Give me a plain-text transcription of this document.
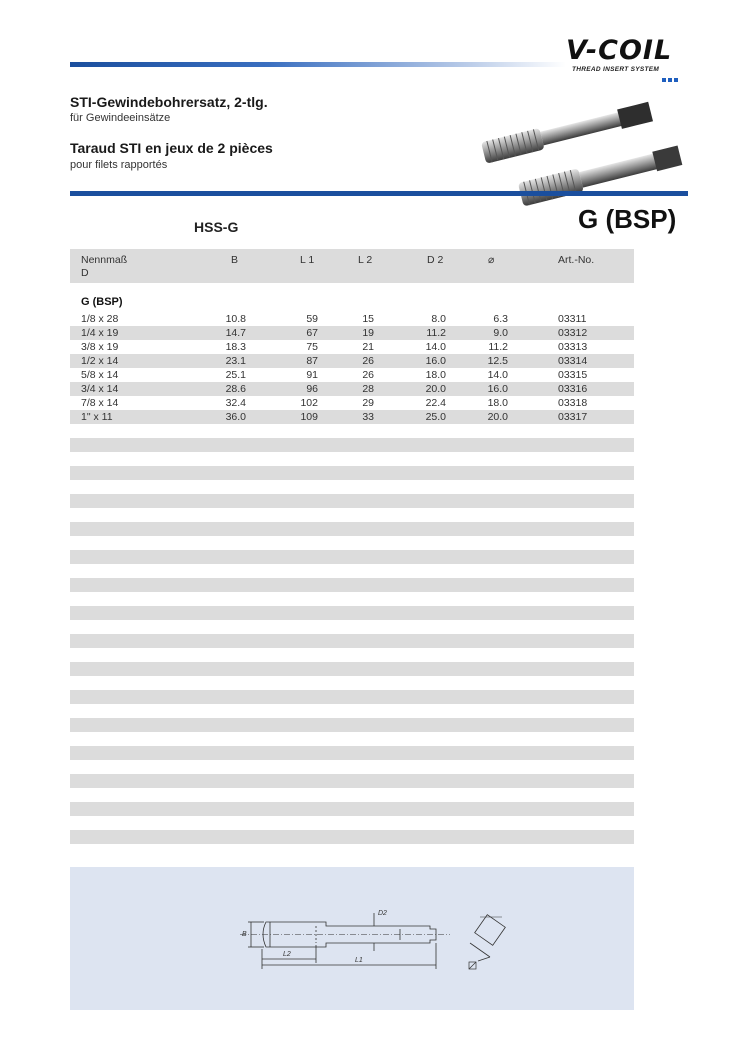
V-COIL
THREAD INSERT SYSTEM
STI-Gewindebohrersatz, 2-tlg.
für Gewindeeinsätze
Taraud STI en jeux de 2 pièces
pour filets rapportés
HSS-G	G (BSP)
Nennmaß
D
B	L 1	L 2	D 2	⌀	Art.-No.
G (BSP)
1/8 x 28	10.8	59	15	8.0	6.3	03311
1/4 x 19	14.7	67	19	11.2	9.0	03312
3/8 x 19	18.3	75	21	14.0	11.2	03313
1/2 x 14	23.1	87	26	16.0	12.5	03314
5/8 x 14	25.1	91	26	18.0	14.0	03315
3/4 x 14	28.6	96	28	20.0	16.0	03316
7/8 x 14	32.4	102	29	22.4	18.0	03318
1" x 11	36.0	109	33	25.0	20.0	03317
B
L2
L1
D2
